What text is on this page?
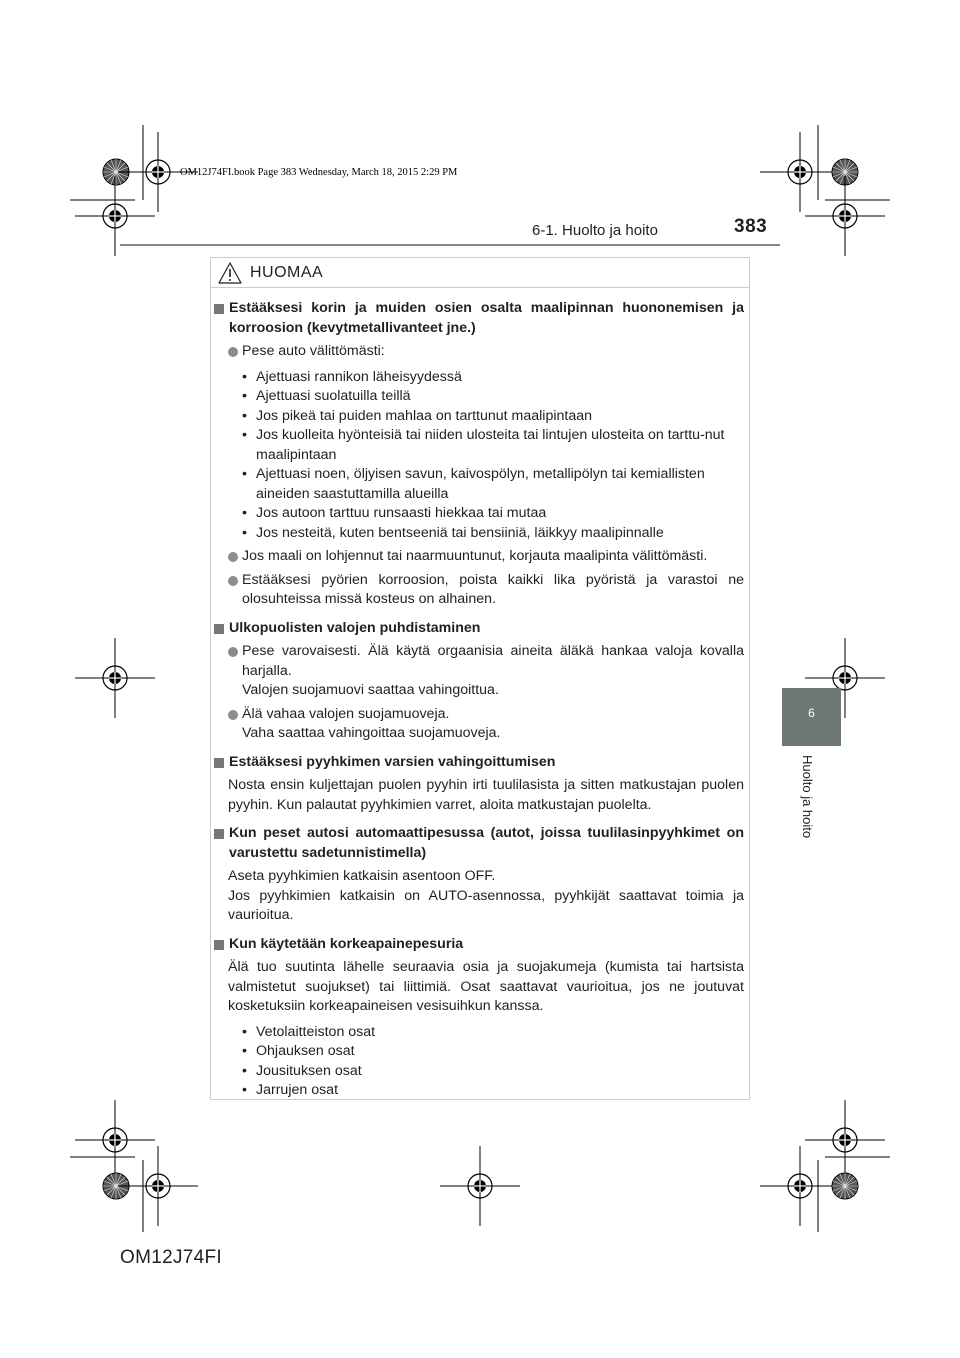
OM12J74FI.book Page 383 Wednesday, March 18, 2015 2:29 PM
6-1. Huolto ja hoito	383
6
Huolto ja hoito
HUOMAA
Estääksesi korin ja muiden osien osalta maalipinnan huononemisen ja korroosion (kevytmetallivanteet jne.)
Pese auto välittömästi:
• Ajettuasi rannikon läheisyydessä
• Ajettuasi suolatuilla teillä
• Jos pikeä tai puiden mahlaa on tarttunut maalipintaan
• Jos kuolleita hyönteisiä tai niiden ulosteita tai lintujen ulosteita on tarttu-nut maalipintaan
• Ajettuasi noen, öljyisen savun, kaivospölyn, metallipölyn tai kemiallisten aineiden saastuttamilla alueilla
• Jos autoon tarttuu runsaasti hiekkaa tai mutaa
• Jos nesteitä, kuten bentseeniä tai bensiiniä, läikkyy maalipinnalle
Jos maali on lohjennut tai naarmuuntunut, korjauta maalipinta välittömästi.
Estääksesi pyörien korroosion, poista kaikki lika pyöristä ja varastoi ne olosuhteissa missä kosteus on alhainen.
Ulkopuolisten valojen puhdistaminen
Pese varovaisesti. Älä käytä orgaanisia aineita äläkä hankaa valoja kovalla harjalla.
Valojen suojamuovi saattaa vahingoittua.
Älä vahaa valojen suojamuoveja.
Vaha saattaa vahingoittaa suojamuoveja.
Estääksesi pyyhkimen varsien vahingoittumisen
Nosta ensin kuljettajan puolen pyyhin irti tuulilasista ja sitten matkustajan puolen pyyhin. Kun palautat pyyhkimien varret, aloita matkustajan puolelta.
Kun peset autosi automaattipesussa (autot, joissa tuulilasinpyyhkimet on varustettu sadetunnistimella)
Aseta pyyhkimien katkaisin asentoon OFF.
Jos pyyhkimien katkaisin on AUTO-asennossa, pyyhkijät saattavat toimia ja vaurioitua.
Kun käytetään korkeapainepesuria
Älä tuo suutinta lähelle seuraavia osia ja suojakumeja (kumista tai hartsista valmistetut suojukset) tai liittimiä. Osat saattavat vaurioitua, jos ne joutuvat kosketuksiin korkeapaineisen vesisuihkun kanssa.
• Vetolaitteiston osat
• Ohjauksen osat
• Jousituksen osat
• Jarrujen osat
OM12J74FI
